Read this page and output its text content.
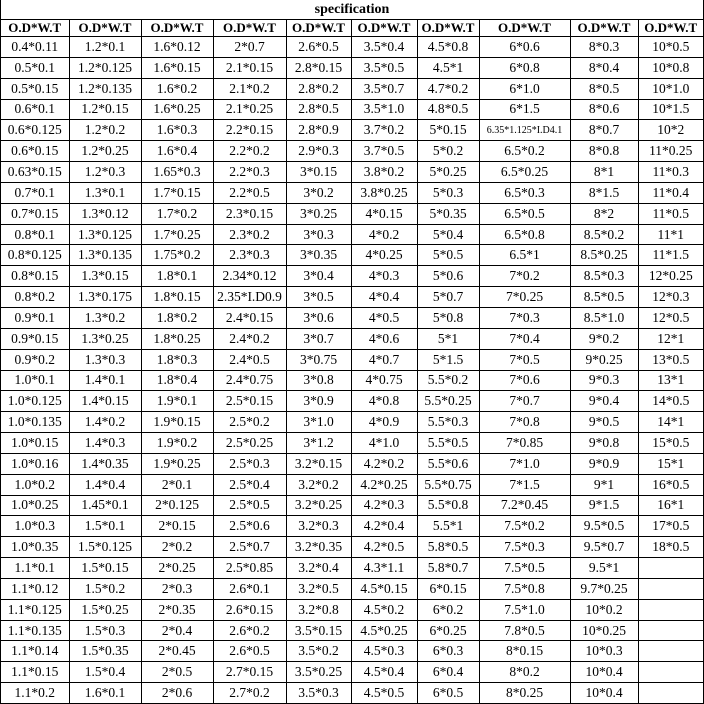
specification
O.D*W.T	O.D*W.T	O.D*W.T	O.D*W.T	O.D*W.T	O.D*W.T	O.D*W.T	O.D*W.T	O.D*W.T	O.D*W.T
0.4*0.11	1.2*0.1	1.6*0.12	2*0.7	2.6*0.5	3.5*0.4	4.5*0.8	6*0.6	8*0.3	10*0.5
0.5*0.1	1.2*0.125	1.6*0.15	2.1*0.15	2.8*0.15	3.5*0.5	4.5*1	6*0.8	8*0.4	10*0.8
0.5*0.15	1.2*0.135	1.6*0.2	2.1*0.2	2.8*0.2	3.5*0.7	4.7*0.2	6*1.0	8*0.5	10*1.0
0.6*0.1	1.2*0.15	1.6*0.25	2.1*0.25	2.8*0.5	3.5*1.0	4.8*0.5	6*1.5	8*0.6	10*1.5
0.6*0.125	1.2*0.2	1.6*0.3	2.2*0.15	2.8*0.9	3.7*0.2	5*0.15	6.35*1.125*I.D4.1	8*0.7	10*2
0.6*0.15	1.2*0.25	1.6*0.4	2.2*0.2	2.9*0.3	3.7*0.5	5*0.2	6.5*0.2	8*0.8	11*0.25
0.63*0.15	1.2*0.3	1.65*0.3	2.2*0.3	3*0.15	3.8*0.2	5*0.25	6.5*0.25	8*1	11*0.3
0.7*0.1	1.3*0.1	1.7*0.15	2.2*0.5	3*0.2	3.8*0.25	5*0.3	6.5*0.3	8*1.5	11*0.4
0.7*0.15	1.3*0.12	1.7*0.2	2.3*0.15	3*0.25	4*0.15	5*0.35	6.5*0.5	8*2	11*0.5
0.8*0.1	1.3*0.125	1.7*0.25	2.3*0.2	3*0.3	4*0.2	5*0.4	6.5*0.8	8.5*0.2	11*1
0.8*0.125	1.3*0.135	1.75*0.2	2.3*0.3	3*0.35	4*0.25	5*0.5	6.5*1	8.5*0.25	11*1.5
0.8*0.15	1.3*0.15	1.8*0.1	2.34*0.12	3*0.4	4*0.3	5*0.6	7*0.2	8.5*0.3	12*0.25
0.8*0.2	1.3*0.175	1.8*0.15	2.35*I.D0.9	3*0.5	4*0.4	5*0.7	7*0.25	8.5*0.5	12*0.3
0.9*0.1	1.3*0.2	1.8*0.2	2.4*0.15	3*0.6	4*0.5	5*0.8	7*0.3	8.5*1.0	12*0.5
0.9*0.15	1.3*0.25	1.8*0.25	2.4*0.2	3*0.7	4*0.6	5*1	7*0.4	9*0.2	12*1
0.9*0.2	1.3*0.3	1.8*0.3	2.4*0.5	3*0.75	4*0.7	5*1.5	7*0.5	9*0.25	13*0.5
1.0*0.1	1.4*0.1	1.8*0.4	2.4*0.75	3*0.8	4*0.75	5.5*0.2	7*0.6	9*0.3	13*1
1.0*0.125	1.4*0.15	1.9*0.1	2.5*0.15	3*0.9	4*0.8	5.5*0.25	7*0.7	9*0.4	14*0.5
1.0*0.135	1.4*0.2	1.9*0.15	2.5*0.2	3*1.0	4*0.9	5.5*0.3	7*0.8	9*0.5	14*1
1.0*0.15	1.4*0.3	1.9*0.2	2.5*0.25	3*1.2	4*1.0	5.5*0.5	7*0.85	9*0.8	15*0.5
1.0*0.16	1.4*0.35	1.9*0.25	2.5*0.3	3.2*0.15	4.2*0.2	5.5*0.6	7*1.0	9*0.9	15*1
1.0*0.2	1.4*0.4	2*0.1	2.5*0.4	3.2*0.2	4.2*0.25	5.5*0.75	7*1.5	9*1	16*0.5
1.0*0.25	1.45*0.1	2*0.125	2.5*0.5	3.2*0.25	4.2*0.3	5.5*0.8	7.2*0.45	9*1.5	16*1
1.0*0.3	1.5*0.1	2*0.15	2.5*0.6	3.2*0.3	4.2*0.4	5.5*1	7.5*0.2	9.5*0.5	17*0.5
1.0*0.35	1.5*0.125	2*0.2	2.5*0.7	3.2*0.35	4.2*0.5	5.8*0.5	7.5*0.3	9.5*0.7	18*0.5
1.1*0.1	1.5*0.15	2*0.25	2.5*0.85	3.2*0.4	4.3*1.1	5.8*0.7	7.5*0.5	9.5*1	
1.1*0.12	1.5*0.2	2*0.3	2.6*0.1	3.2*0.5	4.5*0.15	6*0.15	7.5*0.8	9.7*0.25	
1.1*0.125	1.5*0.25	2*0.35	2.6*0.15	3.2*0.8	4.5*0.2	6*0.2	7.5*1.0	10*0.2	
1.1*0.135	1.5*0.3	2*0.4	2.6*0.2	3.5*0.15	4.5*0.25	6*0.25	7.8*0.5	10*0.25	
1.1*0.14	1.5*0.35	2*0.45	2.6*0.5	3.5*0.2	4.5*0.3	6*0.3	8*0.15	10*0.3	
1.1*0.15	1.5*0.4	2*0.5	2.7*0.15	3.5*0.25	4.5*0.4	6*0.4	8*0.2	10*0.4	
1.1*0.2	1.6*0.1	2*0.6	2.7*0.2	3.5*0.3	4.5*0.5	6*0.5	8*0.25	10*0.4	
